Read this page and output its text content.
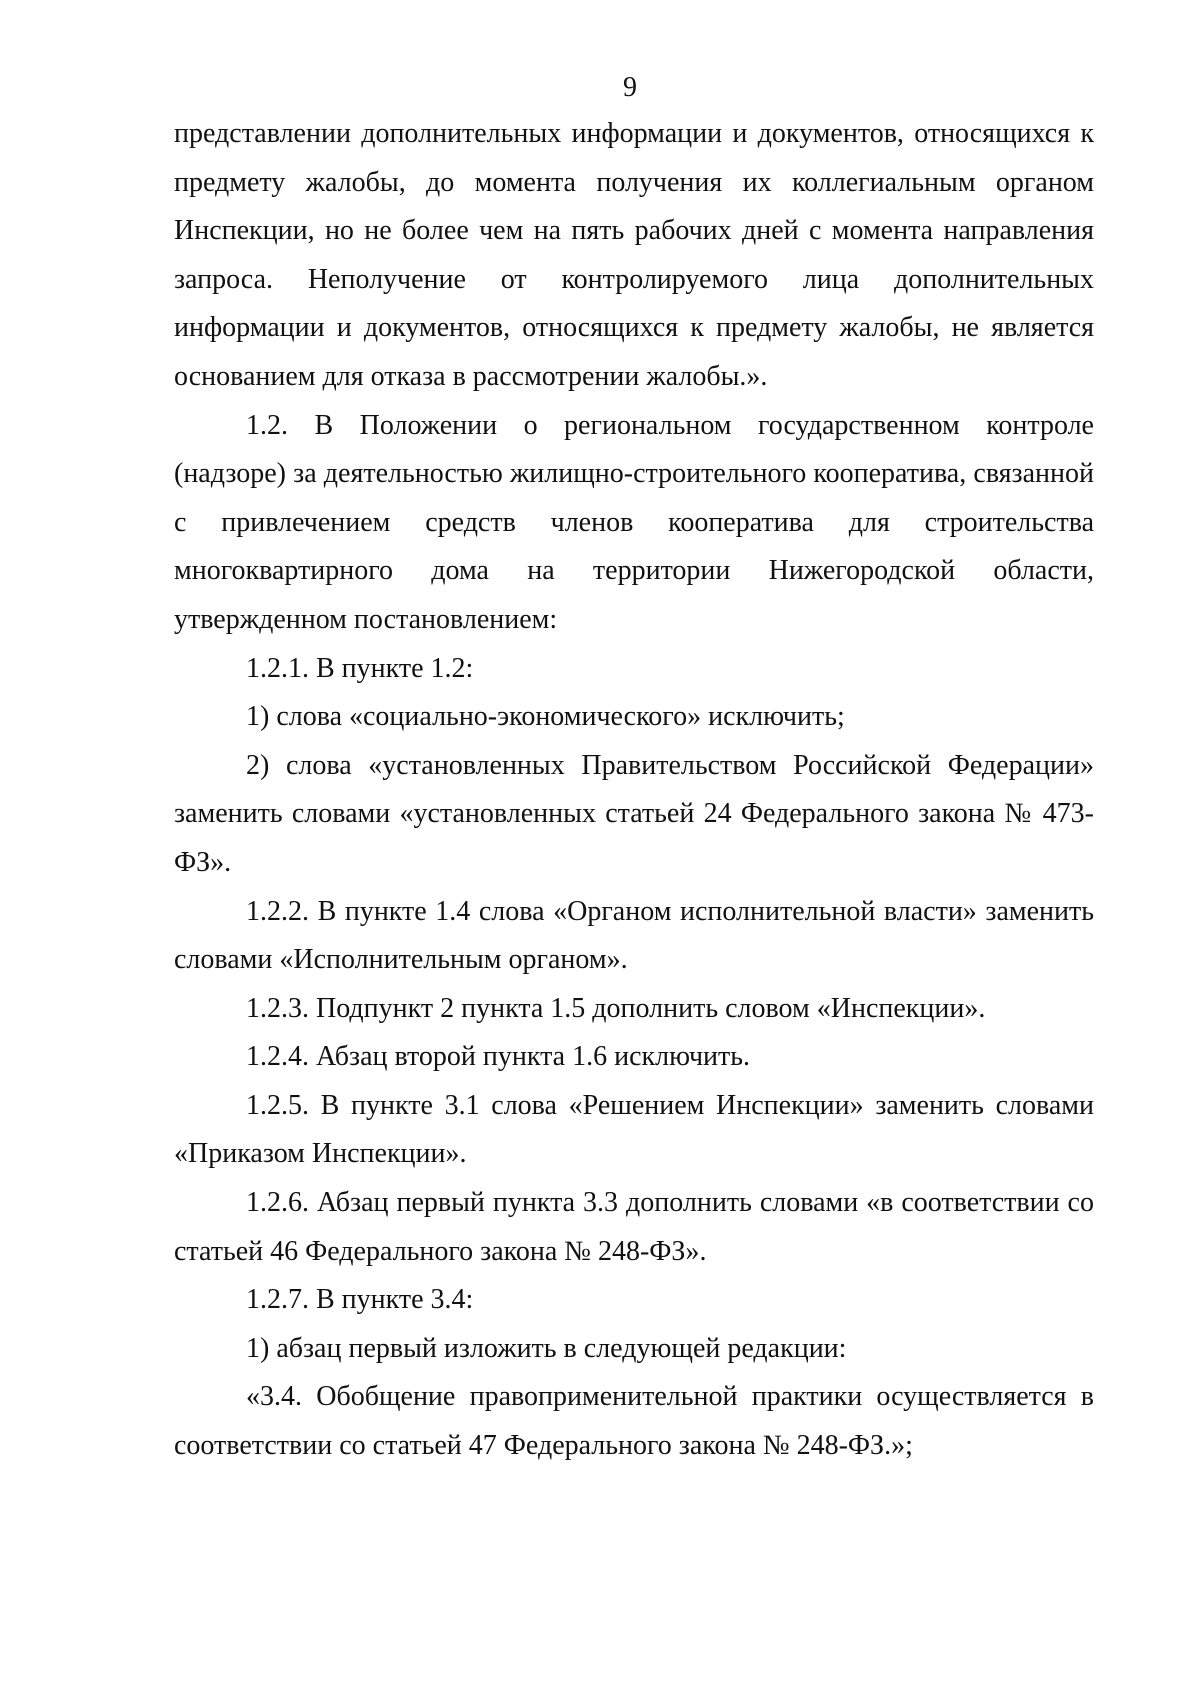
9

представлении дополнительных информации и документов, относящихся к предмету жалобы, до момента получения их коллегиальным органом Инспекции, но не более чем на пять рабочих дней с момента направления запроса. Неполучение от контролируемого лица дополнительных информации и документов, относящихся к предмету жалобы, не является основанием для отказа в рассмотрении жалобы.».

1.2. В Положении о региональном государственном контроле (надзоре) за деятельностью жилищно-строительного кооператива, связанной с привлечением средств членов кооператива для строительства многоквартирного дома на территории Нижегородской области, утвержденном постановлением:

1.2.1. В пункте 1.2:

1) слова «социально-экономического» исключить;

2) слова «установленных Правительством Российской Федерации» заменить словами «установленных статьей 24 Федерального закона № 473-ФЗ».

1.2.2. В пункте 1.4 слова «Органом исполнительной власти» заменить словами «Исполнительным органом».

1.2.3. Подпункт 2 пункта 1.5 дополнить словом «Инспекции».

1.2.4. Абзац второй пункта 1.6 исключить.

1.2.5. В пункте 3.1 слова «Решением Инспекции» заменить словами «Приказом Инспекции».

1.2.6. Абзац первый пункта 3.3 дополнить словами «в соответствии со статьей 46 Федерального закона № 248-ФЗ».

1.2.7. В пункте 3.4:

1) абзац первый изложить в следующей редакции:

«3.4. Обобщение правоприменительной практики осуществляется в соответствии со статьей 47 Федерального закона № 248-ФЗ.»;
